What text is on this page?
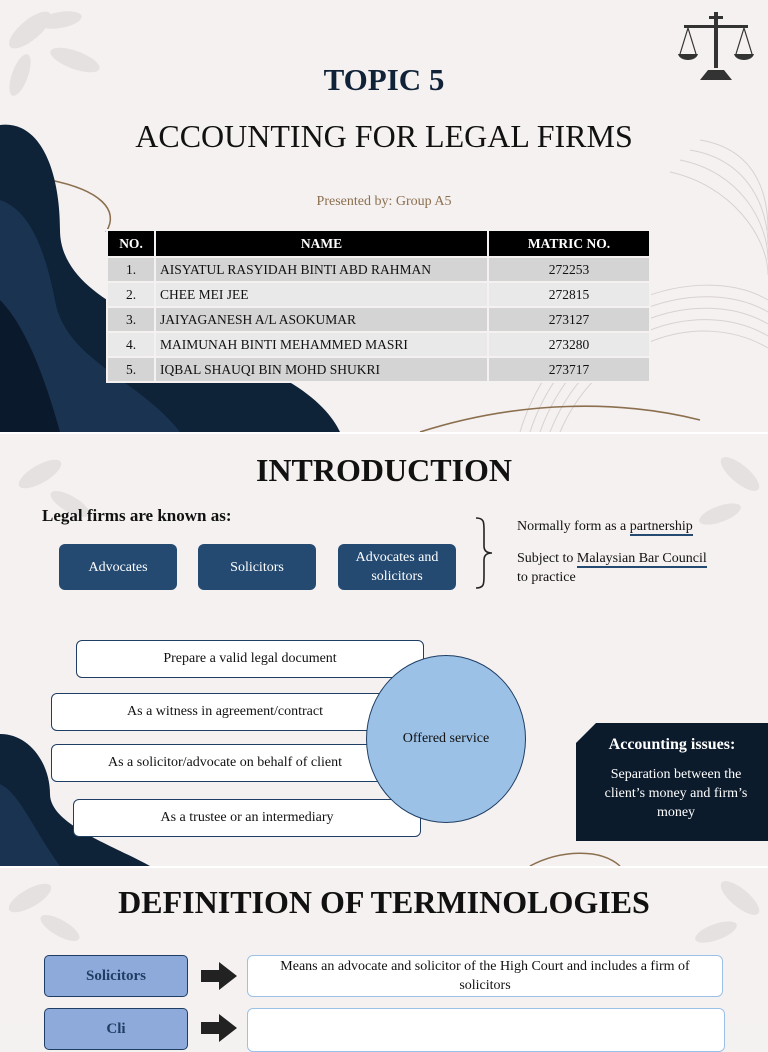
TOPIC 5
ACCOUNTING FOR LEGAL FIRMS
Presented by: Group A5
NO.	NAME	MATRIC NO.
1.	AISYATUL RASYIDAH BINTI ABD RAHMAN	272253
2.	CHEE MEI JEE	272815
3.	JAIYAGANESH A/L ASOKUMAR	273127
4.	MAIMUNAH BINTI MEHAMMED MASRI	273280
5.	IQBAL SHAUQI BIN MOHD SHUKRI	273717
INTRODUCTION
Legal firms are known as:
Advocates	Solicitors
Advocates and solicitors
Normally form as a partnership
Subject to Malaysian Bar Council
to practice
Prepare a valid legal document
As a witness in agreement/contract
As a solicitor/advocate on behalf of client
As a trustee or an intermediary
Offered service	Accounting issues:
Separation between the client’s money and firm’s money
DEFINITION OF TERMINOLOGIES
Solicitors
Means an advocate and solicitor of the High Court and includes a firm of solicitors
Cli
